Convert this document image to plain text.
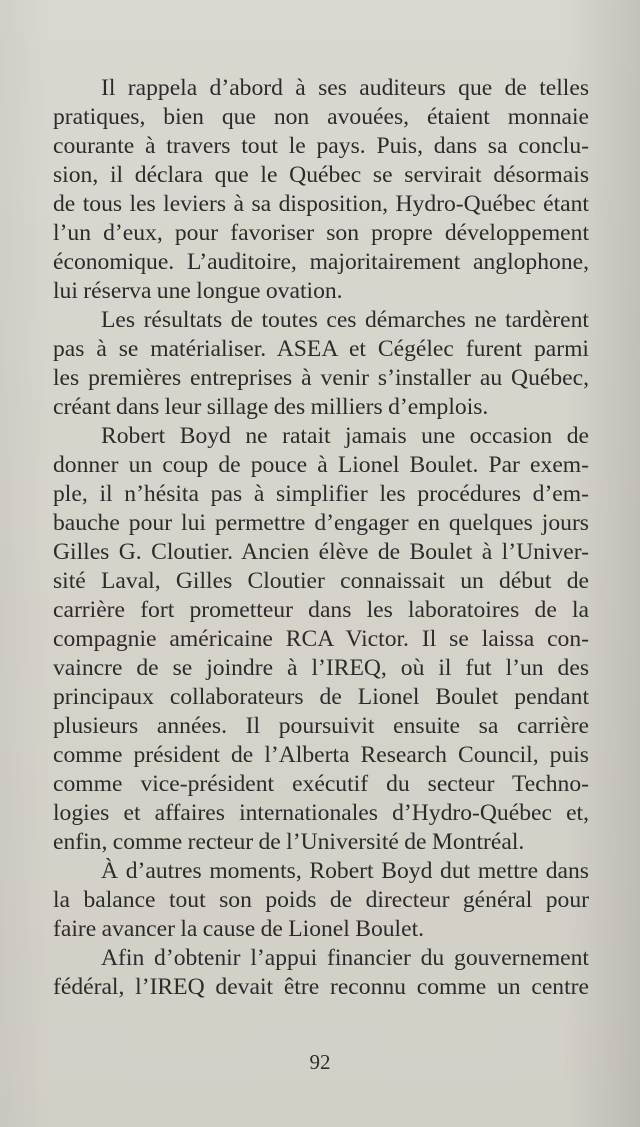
Il rappela d’abord à ses auditeurs que de telles
pratiques, bien que non avouées, étaient monnaie
courante à travers tout le pays. Puis, dans sa conclu-
sion, il déclara que le Québec se servirait désormais
de tous les leviers à sa disposition, Hydro-Québec étant
l’un d’eux, pour favoriser son propre développement
économique. L’auditoire, majoritairement anglophone,
lui réserva une longue ovation.
Les résultats de toutes ces démarches ne tardèrent
pas à se matérialiser. ASEA et Cégélec furent parmi
les premières entreprises à venir s’installer au Québec,
créant dans leur sillage des milliers d’emplois.
Robert Boyd ne ratait jamais une occasion de
donner un coup de pouce à Lionel Boulet. Par exem-
ple, il n’hésita pas à simplifier les procédures d’em-
bauche pour lui permettre d’engager en quelques jours
Gilles G. Cloutier. Ancien élève de Boulet à l’Univer-
sité Laval, Gilles Cloutier connaissait un début de
carrière fort prometteur dans les laboratoires de la
compagnie américaine RCA Victor. Il se laissa con-
vaincre de se joindre à l’IREQ, où il fut l’un des
principaux collaborateurs de Lionel Boulet pendant
plusieurs années. Il poursuivit ensuite sa carrière
comme président de l’Alberta Research Council, puis
comme vice-président exécutif du secteur Techno-
logies et affaires internationales d’Hydro-Québec et,
enfin, comme recteur de l’Université de Montréal.
À d’autres moments, Robert Boyd dut mettre dans
la balance tout son poids de directeur général pour
faire avancer la cause de Lionel Boulet.
Afin d’obtenir l’appui financier du gouvernement
fédéral, l’IREQ devait être reconnu comme un centre
92
